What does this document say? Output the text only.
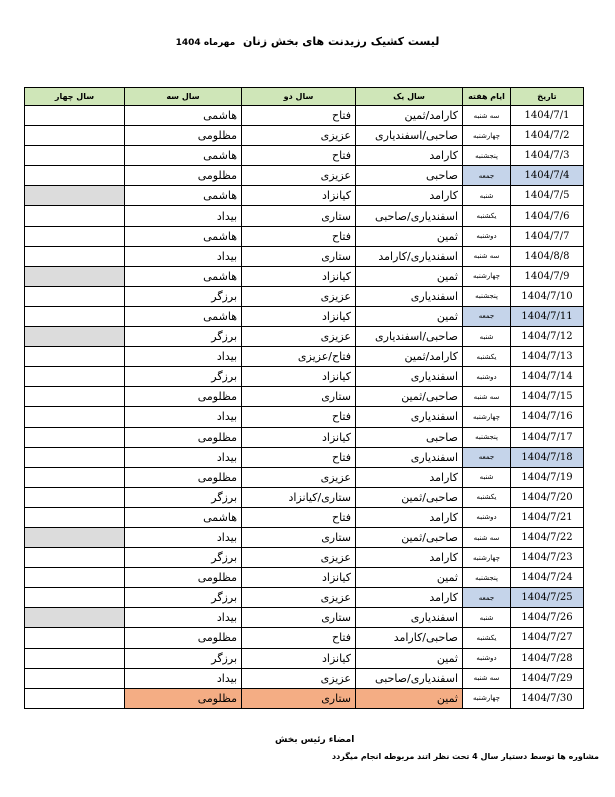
لیست کشیک رزیدنت های بخش زنان مهرماه 1404
تاریخ	ایام هفته	سال یک	سال دو	سال سه	سال چهار
1404/7/1	سه شنبه	کارامد/ثمین	فتاح	هاشمی	
1404/7/2	چهارشنبه	صاحبی/اسفندیاری	عزیزی	مظلومی	
1404/7/3	پنجشنبه	کارامد	فتاح	هاشمی	
1404/7/4	جمعه	صاحبی	عزیزی	مظلومی	
1404/7/5	شنبه	کارامد	کیانزاد	هاشمی	
1404/7/6	یکشنبه	اسفندیاری/صاحبی	ستاری	بیداد	
1404/7/7	دوشنبه	ثمین	فتاح	هاشمی	
1404/8/8	سه شنبه	اسفندیاری/کارامد	ستاری	بیداد	
1404/7/9	چهارشنبه	ثمین	کیانزاد	هاشمی	
1404/7/10	پنجشنبه	اسفندیاری	عزیزی	برزگر	
1404/7/11	جمعه	ثمین	کیانزاد	هاشمی	
1404/7/12	شنبه	صاحبی/اسفندیاری	عزیزی	برزگر	
1404/7/13	یکشنبه	کارامد/ثمین	فتاح/عزیزی	بیداد	
1404/7/14	دوشنبه	اسفندیاری	کیانزاد	برزگر	
1404/7/15	سه شنبه	صاحبی/ثمین	ستاری	مظلومی	
1404/7/16	چهارشنبه	اسفندیاری	فتاح	بیداد	
1404/7/17	پنجشنبه	صاحبی	کیانزاد	مظلومی	
1404/7/18	جمعه	اسفندیاری	فتاح	بیداد	
1404/7/19	شنبه	کارامد	عزیزی	مظلومی	
1404/7/20	یکشنبه	صاحبی/ثمین	ستاری/کیانزاد	برزگر	
1404/7/21	دوشنبه	کارامد	فتاح	هاشمی	
1404/7/22	سه شنبه	صاحبی/ثمین	ستاری	بیداد	
1404/7/23	چهارشنبه	کارامد	عزیزی	برزگر	
1404/7/24	پنجشنبه	ثمین	کیانزاد	مظلومی	
1404/7/25	جمعه	کارامد	عزیزی	برزگر	
1404/7/26	شنبه	اسفندیاری	ستاری	بیداد	
1404/7/27	یکشنبه	صاحبی/کارامد	فتاح	مظلومی	
1404/7/28	دوشنبه	ثمین	کیانزاد	برزگر	
1404/7/29	سه شنبه	اسفندیاری/صاحبی	عزیزی	بیداد	
1404/7/30	چهارشنبه	ثمین	ستاری	مظلومی	
امضاء رئیس بخش
مشاوره ها توسط دستیار سال 4 تحت نظر اتند مربوطه انجام میگردد
